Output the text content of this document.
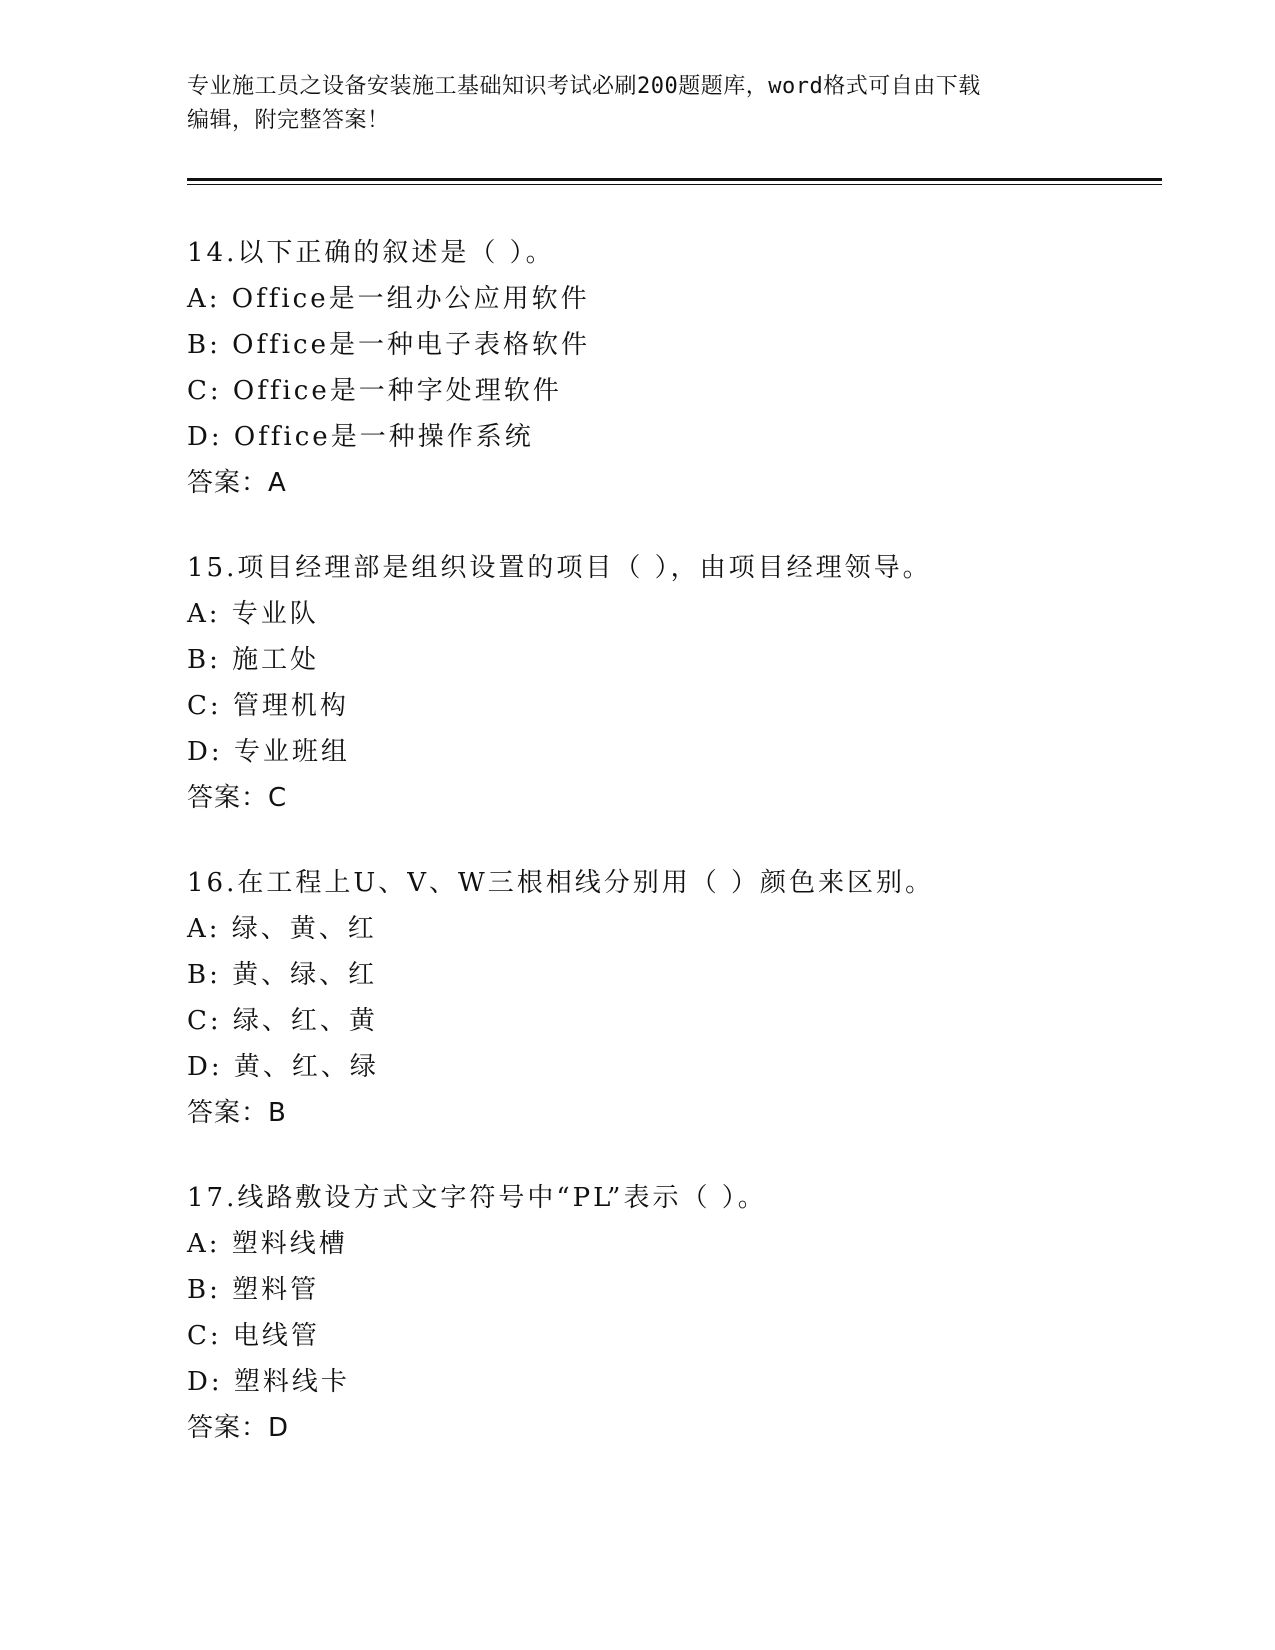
专业施工员之设备安装施工基础知识考试必刷200题题库，word格式可自由下载
编辑，附完整答案！
14.以下正确的叙述是（ ）。
A: Office是一组办公应用软件
B: Office是一种电子表格软件
C: Office是一种字处理软件
D: Office是一种操作系统
答案：A
15.项目经理部是组织设置的项目（ ），由项目经理领导。
A: 专业队
B: 施工处
C: 管理机构
D: 专业班组
答案：C
16.在工程上U、V、W三根相线分别用（ ）颜色来区别。
A: 绿、黄、红
B: 黄、绿、红
C: 绿、红、黄
D: 黄、红、绿
答案：B
17.线路敷设方式文字符号中“PL”表示（ ）。
A: 塑料线槽
B: 塑料管
C: 电线管
D: 塑料线卡
答案：D
